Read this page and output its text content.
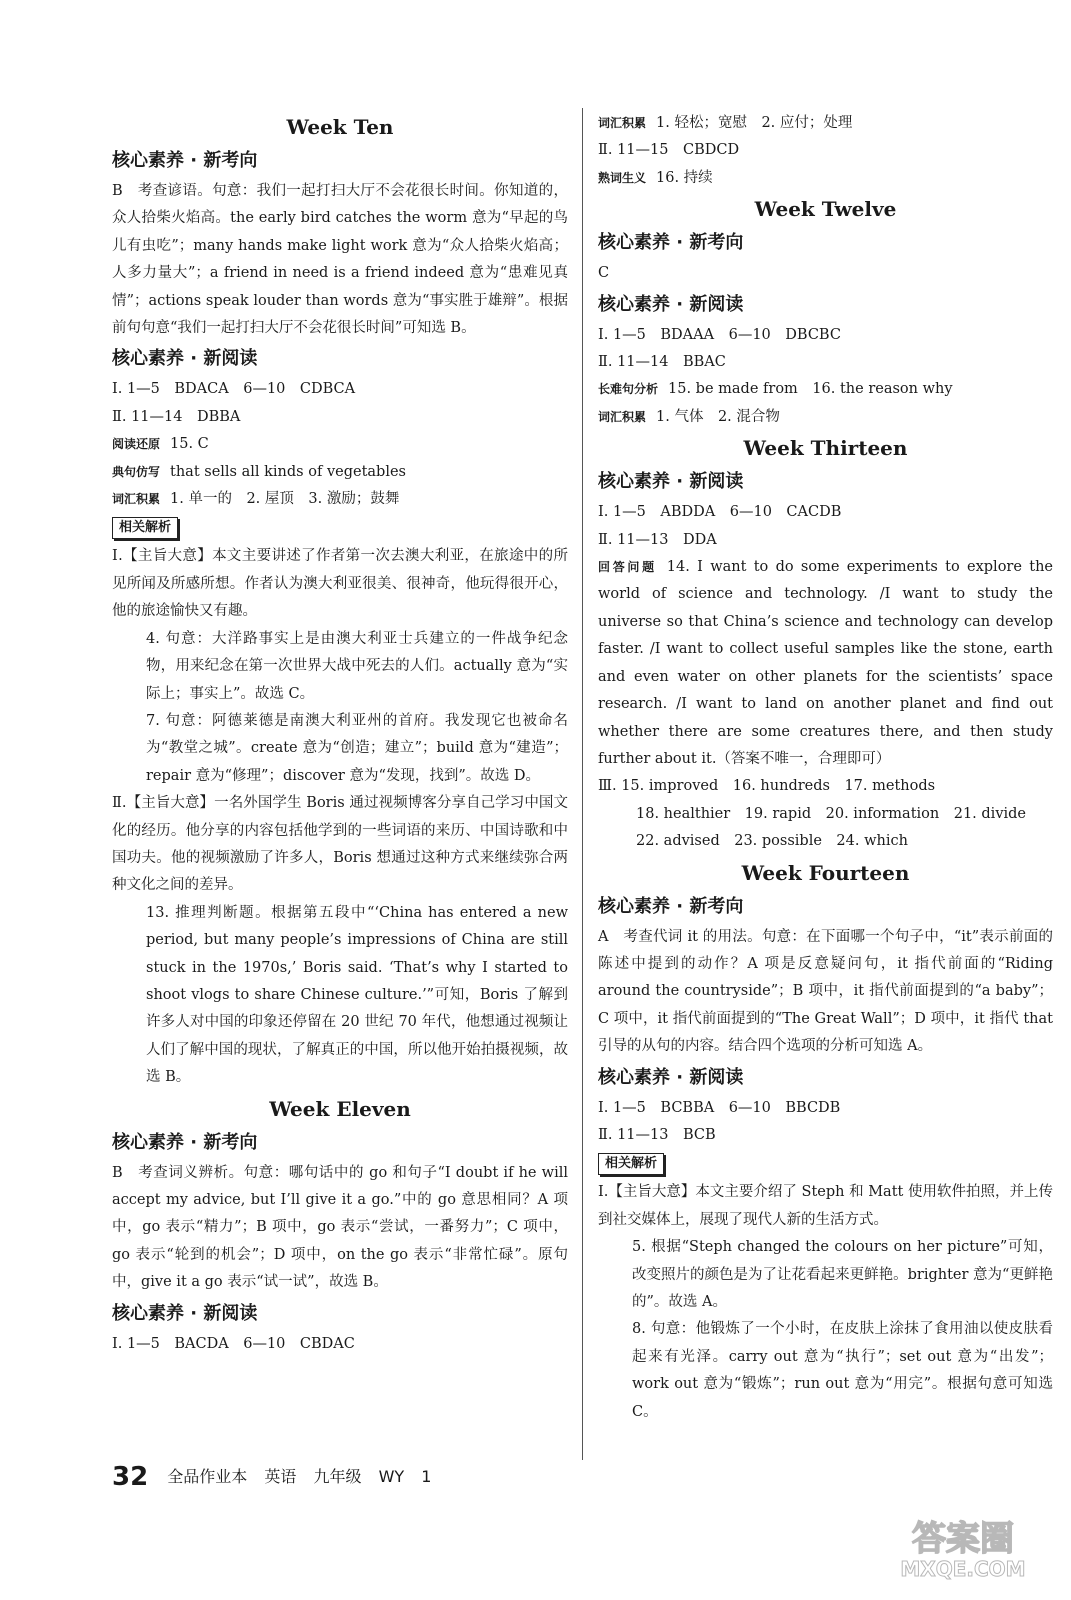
Week Ten

核心素养 · 新考向

B　考查谚语。句意：我们一起打扫大厅不会花很长时间。你知道的，众人拾柴火焰高。the early bird catches the worm 意为“早起的鸟儿有虫吃”；many hands make light work 意为“众人拾柴火焰高；人多力量大”；a friend in need is a friend indeed 意为“患难见真情”；actions speak louder than words 意为“事实胜于雄辩”。根据前句句意“我们一起打扫大厅不会花很长时间”可知选 B。

核心素养 · 新阅读

Ⅰ. 1—5　BDACA　6—10　CDBCA

Ⅱ. 11—14　DBBA

阅读还原 15. C

典句仿写 that sells all kinds of vegetables

词汇积累 1. 单一的　2. 屋顶　3. 激励；鼓舞

相关解析

Ⅰ.【主旨大意】本文主要讲述了作者第一次去澳大利亚，在旅途中的所见所闻及所感所想。作者认为澳大利亚很美、很神奇，他玩得很开心，他的旅途愉快又有趣。

4. 句意：大洋路事实上是由澳大利亚士兵建立的一件战争纪念物，用来纪念在第一次世界大战中死去的人们。actually 意为“实际上；事实上”。故选 C。

7. 句意：阿德莱德是南澳大利亚州的首府。我发现它也被命名为“教堂之城”。create 意为“创造；建立”；build 意为“建造”；repair 意为“修理”；discover 意为“发现，找到”。故选 D。

Ⅱ.【主旨大意】一名外国学生 Boris 通过视频博客分享自己学习中国文化的经历。他分享的内容包括他学到的一些词语的来历、中国诗歌和中国功夫。他的视频激励了许多人，Boris 想通过这种方式来继续弥合两种文化之间的差异。

13. 推理判断题。根据第五段中“‘China has entered a new period, but many people’s impressions of China are still stuck in the 1970s,’ Boris said. ‘That’s why I started to shoot vlogs to share Chinese culture.’”可知，Boris 了解到许多人对中国的印象还停留在 20 世纪 70 年代，他想通过视频让人们了解中国的现状，了解真正的中国，所以他开始拍摄视频，故选 B。

Week Eleven

核心素养 · 新考向

B　考查词义辨析。句意：哪句话中的 go 和句子“I doubt if he will accept my advice, but I’ll give it a go.”中的 go 意思相同？A 项中，go 表示“精力”；B 项中，go 表示“尝试，一番努力”；C 项中，go 表示“轮到的机会”；D 项中，on the go 表示“非常忙碌”。原句中，give it a go 表示“试一试”，故选 B。

核心素养 · 新阅读

Ⅰ. 1—5　BACDA　6—10　CBDAC

词汇积累 1. 轻松；宽慰　2. 应付；处理

Ⅱ. 11—15　CBDCD

熟词生义 16. 持续

Week Twelve

核心素养 · 新考向

C

核心素养 · 新阅读

Ⅰ. 1—5　BDAAA　6—10　DBCBC

Ⅱ. 11—14　BBAC

长难句分析 15. be made from　16. the reason why

词汇积累 1. 气体　2. 混合物

Week Thirteen

核心素养 · 新阅读

Ⅰ. 1—5　ABDDA　6—10　CACDB

Ⅱ. 11—13　DDA

回答问题 14. I want to do some experiments to explore the world of science and technology. /I want to study the universe so that China’s science and technology can develop faster. /I want to collect useful samples like the stone, earth and even water on other planets for the scientists’ space research. /I want to land on another planet and find out whether there are some creatures there, and then study further about it.（答案不唯一，合理即可）

Ⅲ. 15. improved　16. hundreds　17. methods

18. healthier　19. rapid　20. information　21. divide

22. advised　23. possible　24. which

Week Fourteen

核心素养 · 新考向

A　考查代词 it 的用法。句意：在下面哪一个句子中，“it”表示前面的陈述中提到的动作？A 项是反意疑问句，it 指代前面的“Riding around the countryside”；B 项中，it 指代前面提到的“a baby”；C 项中，it 指代前面提到的“The Great Wall”；D 项中，it 指代 that 引导的从句的内容。结合四个选项的分析可知选 A。

核心素养 · 新阅读

Ⅰ. 1—5　BCBBA　6—10　BBCDB

Ⅱ. 11—13　BCB

相关解析

Ⅰ.【主旨大意】本文主要介绍了 Steph 和 Matt 使用软件拍照，并上传到社交媒体上，展现了现代人新的生活方式。

5. 根据“Steph changed the colours on her picture”可知，改变照片的颜色是为了让花看起来更鲜艳。brighter 意为“更鲜艳的”。故选 A。

8. 句意：他锻炼了一个小时，在皮肤上涂抹了食用油以使皮肤看起来有光泽。carry out 意为“执行”；set out 意为“出发”；work out 意为“锻炼”；run out 意为“用完”。根据句意可知选 C。

32 全品作业本 英语 九年级 WY 1
答案圈
MXQE.COM
